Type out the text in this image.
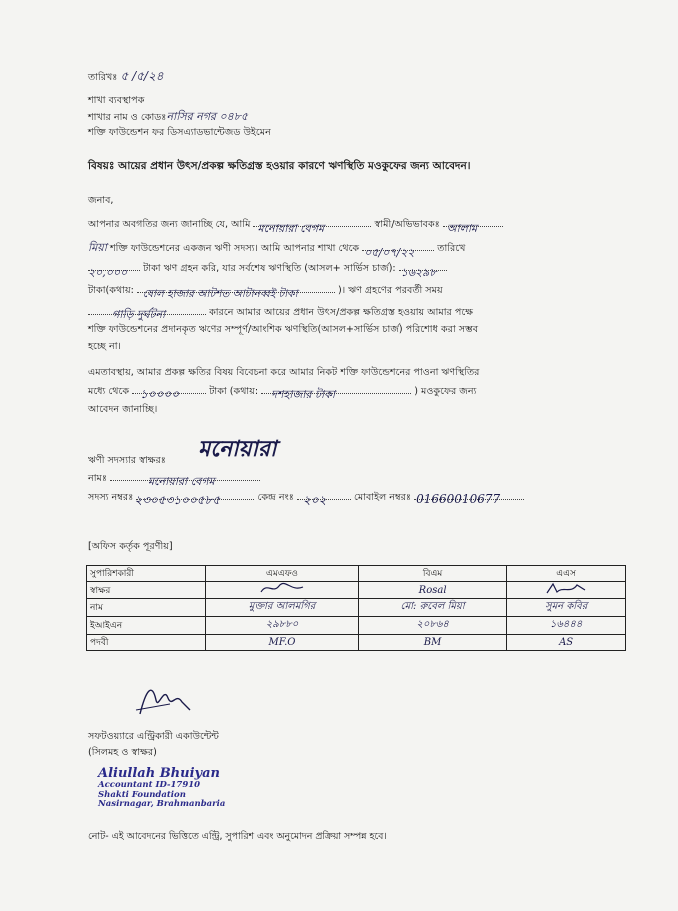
তারিখঃ ৫ /৫/২৪
শাখা ব্যবস্থাপক
শাখার নাম ও কোডঃনাসির নগর ০৪৮৫
শক্তি ফাউন্ডেশন ফর ডিসএ্যাডভান্টেজড উইমেন
বিষয়ঃ আয়ের প্রধান উৎস/প্রকল্প ক্ষতিগ্রস্ত হওয়ার কারণে ঋণস্থিতি মওকুফের জন্য আবেদন।
জনাব,
আপনার অবগতির জন্য জানাচ্ছি যে, আমি মনোয়ারা বেগম	স্বামী/অভিভাবকঃ আলাম
মিয়া শক্তি ফাউন্ডেশনের একজন ঋণী সদস্য। আমি আপনার শাখা থেকে ০৫/০৭/২২ তারিখে
২০,০০০ টাকা ঋণ গ্রহন করি, যার সর্বশেষ ঋণস্থিতি (আসল+ সার্ভিস চার্জ): ১৬২৯৮
টাকা(কথায়: ষোল হাজার আটশত আটানব্বই টাকা	)। ঋণ গ্রহণের পরবর্তী সময়
গাড়ি দুর্ঘটনা	কারনে আমার আয়ের প্রধান উৎস/প্রকল্প ক্ষতিগ্রস্ত হওয়ায় আমার পক্ষে
শক্তি ফাউন্ডেশনের প্রদানকৃত ঋণের সম্পূর্ণ/আংশিক ঋণস্থিতি(আসল+সার্ভিস চার্জ) পরিশোধ করা সম্ভব
হচ্ছে না।
এমতাবস্থায়, আমার প্রকল্প ক্ষতির বিষয় বিবেচনা করে আমার নিকট শক্তি ফাউন্ডেশনের পাওনা ঋণস্থিতির
মধ্যে থেকে ১০০০০	টাকা (কথায়: দশহাজার টাকা	) মওকুফের জন্য
আবেদন জানাচ্ছি।
ঋণী সদস্যার স্বাক্ষরঃ মনোয়ারা
নামঃ	মনোয়ারা বেগম
সদস্য নম্বরঃ ২৩০৫৩১০০৫৮৫	কেন্দ্র নংঃ ২০২	মোবাইল নম্বরঃ 01660010677
[অফিস কর্তৃক পূরণীয়]
সুপারিশকারী	এমএফও	বিএম	এএস
স্বাক্ষর		Rosal	
নাম	মুক্তার আলমগির	মো: রুবেল মিয়া	সুমন কবির
ইআইএন	২৯৮৮০	২০৮৬৪	১৬৪৪৪
পদবী	MF.O	BM	AS
সফটওয়্যারে এন্ট্রিকারী একাউন্টেন্ট
(সিলমহ ও স্বাক্ষর)
Aliullah Bhuiyan
Accountant ID-17910
Shakti Foundation
Nasirnagar, Brahmanbaria
নোট- এই আবেদনের ভিত্তিতে এন্ট্রি, সুপারিশ এবং অনুমোদন প্রক্রিয়া সম্পন্ন হবে।
